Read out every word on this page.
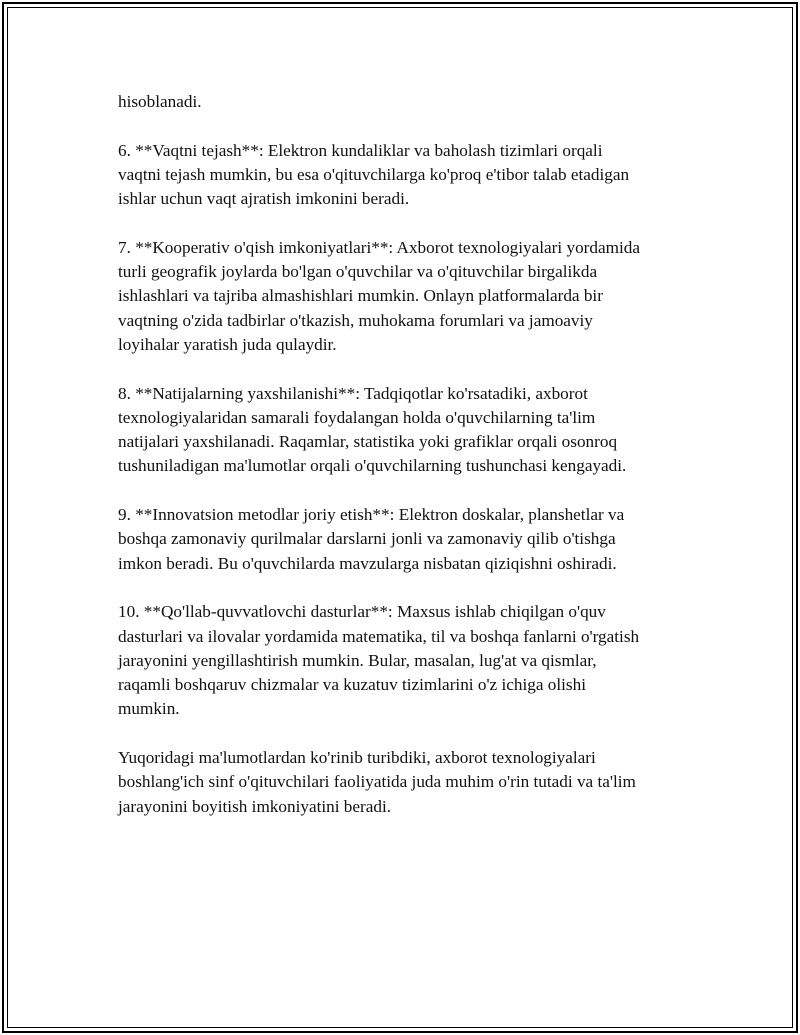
hisoblanadi.

6. **Vaqtni tejash**: Elektron kundaliklar va baholash tizimlari orqali
vaqtni tejash mumkin, bu esa o'qituvchilarga ko'proq e'tibor talab etadigan
ishlar uchun vaqt ajratish imkonini beradi.

7. **Kooperativ o'qish imkoniyatlari**: Axborot texnologiyalari yordamida
turli geografik joylarda bo'lgan o'quvchilar va o'qituvchilar birgalikda
ishlashlari va tajriba almashishlari mumkin. Onlayn platformalarda bir
vaqtning o'zida tadbirlar o'tkazish, muhokama forumlari va jamoaviy
loyihalar yaratish juda qulaydir.

8. **Natijalarning yaxshilanishi**: Tadqiqotlar ko'rsatadiki, axborot
texnologiyalaridan samarali foydalangan holda o'quvchilarning ta'lim
natijalari yaxshilanadi. Raqamlar, statistika yoki grafiklar orqali osonroq
tushuniladigan ma'lumotlar orqali o'quvchilarning tushunchasi kengayadi.

9. **Innovatsion metodlar joriy etish**: Elektron doskalar, planshetlar va
boshqa zamonaviy qurilmalar darslarni jonli va zamonaviy qilib o'tishga
imkon beradi. Bu o'quvchilarda mavzularga nisbatan qiziqishni oshiradi.

10. **Qo'llab-quvvatlovchi dasturlar**: Maxsus ishlab chiqilgan o'quv
dasturlari va ilovalar yordamida matematika, til va boshqa fanlarni o'rgatish
jarayonini yengillashtirish mumkin. Bular, masalan, lug'at va qismlar,
raqamli boshqaruv chizmalar va kuzatuv tizimlarini o'z ichiga olishi
mumkin.

Yuqoridagi ma'lumotlardan ko'rinib turibdiki, axborot texnologiyalari
boshlang'ich sinf o'qituvchilari faoliyatida juda muhim o'rin tutadi va ta'lim
jarayonini boyitish imkoniyatini beradi.
